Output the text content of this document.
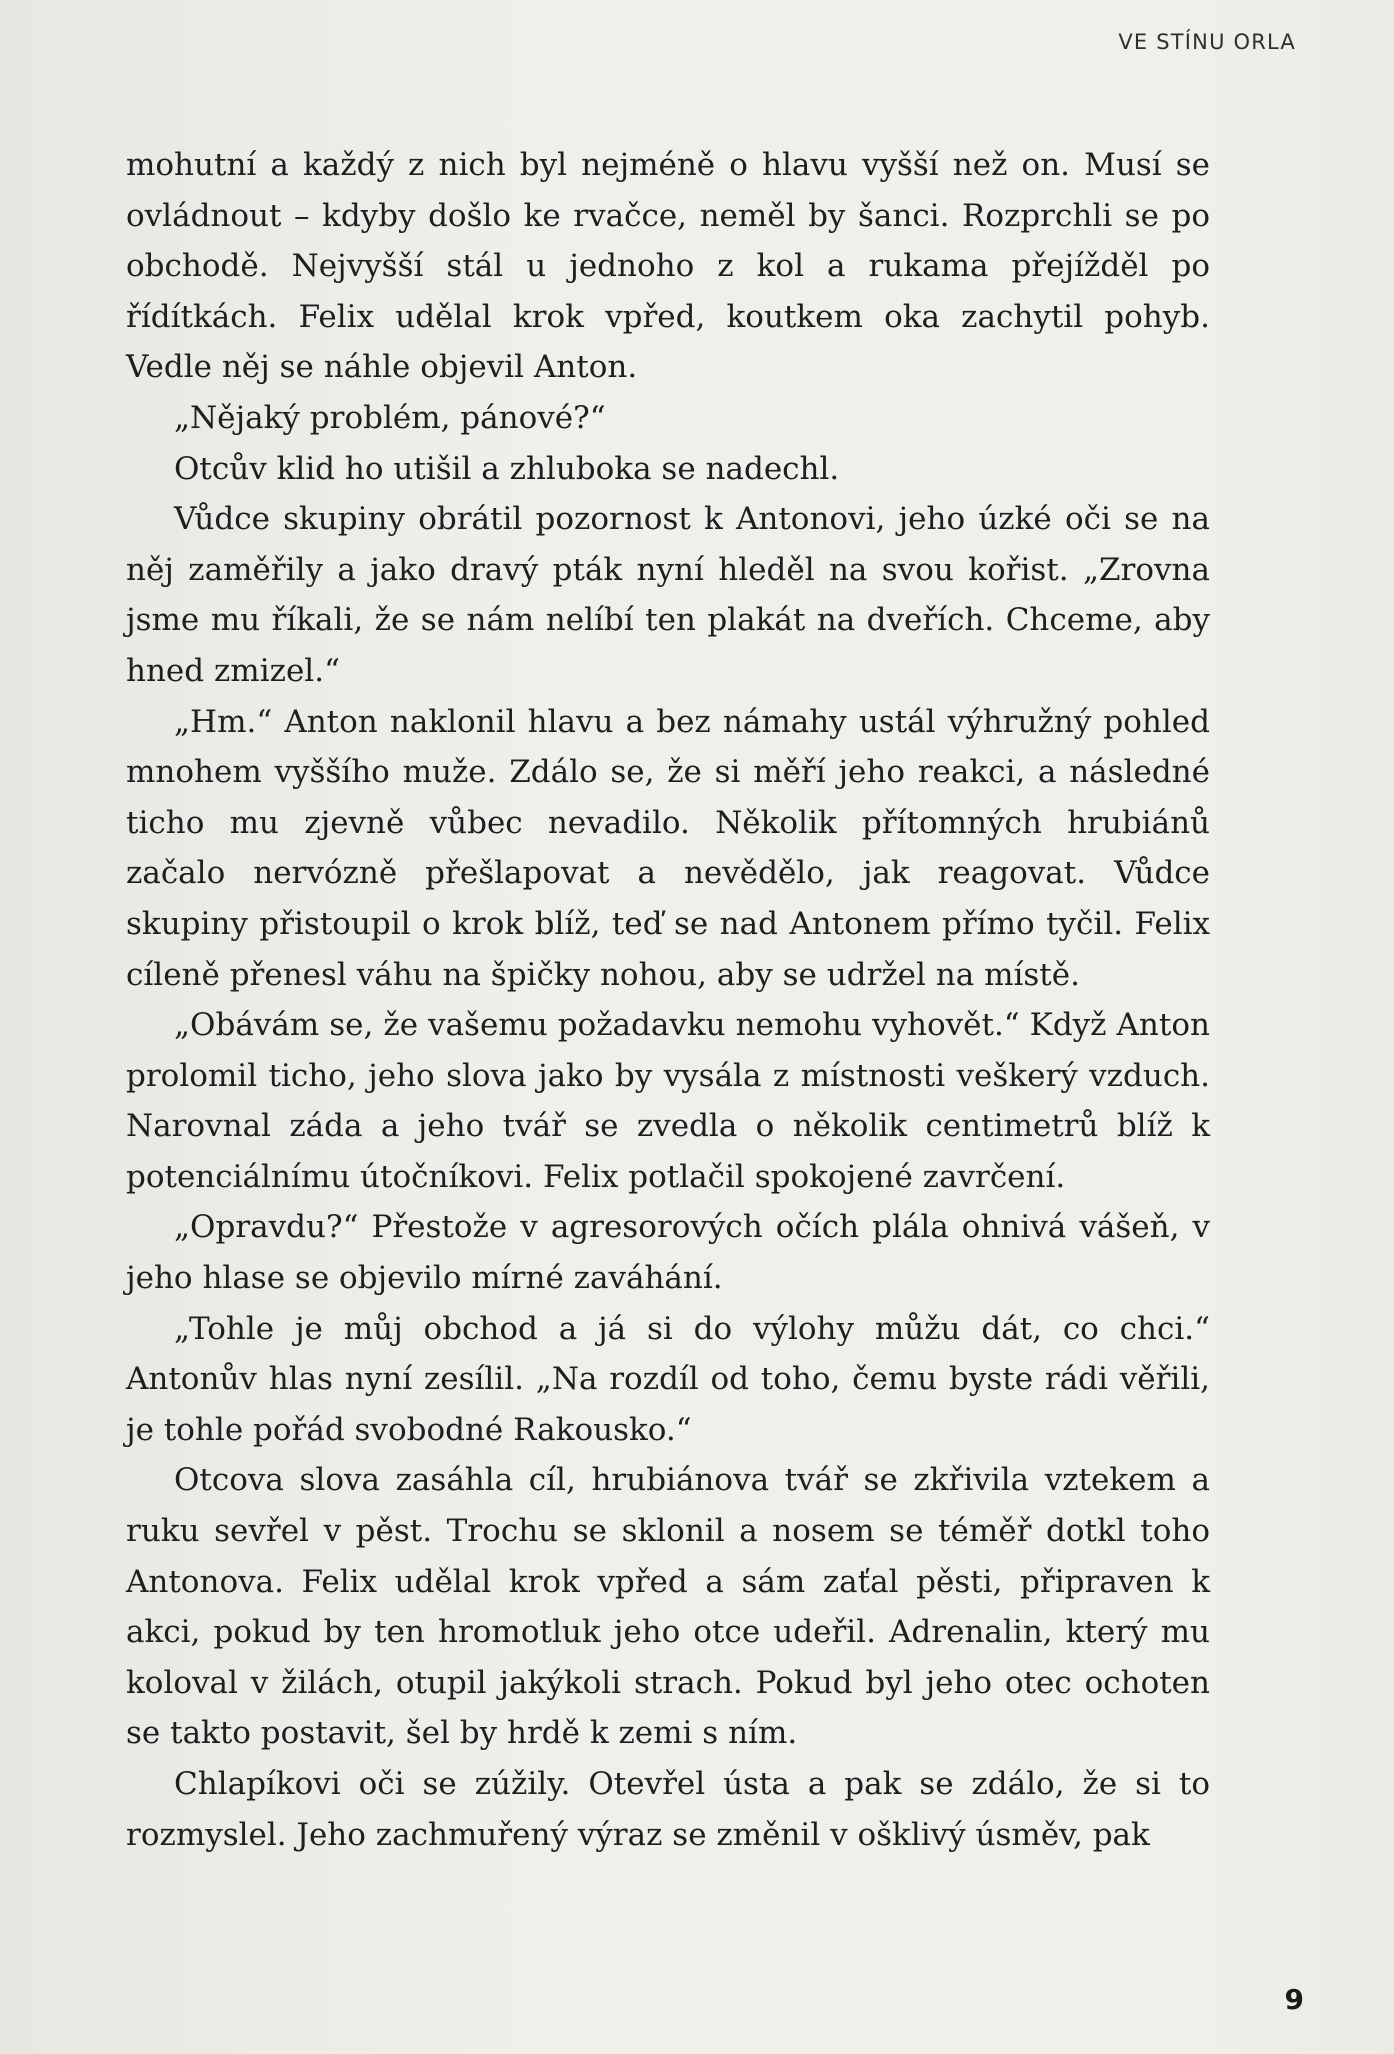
VE STÍNU ORLA

mohutní a každý z nich byl nejméně o hlavu vyšší než on. Musí se ovládnout – kdyby došlo ke rvačce, neměl by šanci. Rozprchli se po obchodě. Nejvyšší stál u jednoho z kol a rukama přejížděl po řídítkách. Felix udělal krok vpřed, koutkem oka zachytil pohyb. Vedle něj se náhle objevil Anton.

„Nějaký problém, pánové?“

Otcův klid ho utišil a zhluboka se nadechl.

Vůdce skupiny obrátil pozornost k Antonovi, jeho úzké oči se na něj zaměřily a jako dravý pták nyní hleděl na svou kořist. „Zrovna jsme mu říkali, že se nám nelíbí ten plakát na dveřích. Chceme, aby hned zmizel.“

„Hm.“ Anton naklonil hlavu a bez námahy ustál výhružný pohled mnohem vyššího muže. Zdálo se, že si měří jeho reakci, a následné ticho mu zjevně vůbec nevadilo. Několik přítomných hrubiánů začalo nervózně přešlapovat a nevědělo, jak reagovat. Vůdce skupiny přistoupil o krok blíž, teď se nad Antonem přímo tyčil. Felix cíleně přenesl váhu na špičky nohou, aby se udržel na místě.

„Obávám se, že vašemu požadavku nemohu vyhovět.“ Když Anton prolomil ticho, jeho slova jako by vysála z místnosti veškerý vzduch. Narovnal záda a jeho tvář se zvedla o několik centimetrů blíž k potenciálnímu útočníkovi. Felix potlačil spokojené zavrčení.

„Opravdu?“ Přestože v agresorových očích plála ohnivá vášeň, v jeho hlase se objevilo mírné zaváhání.

„Tohle je můj obchod a já si do výlohy můžu dát, co chci.“ Antonův hlas nyní zesílil. „Na rozdíl od toho, čemu byste rádi věřili, je tohle pořád svobodné Rakousko.“

Otcova slova zasáhla cíl, hrubiánova tvář se zkřivila vztekem a ruku sevřel v pěst. Trochu se sklonil a nosem se téměř dotkl toho Antonova. Felix udělal krok vpřed a sám zaťal pěsti, připraven k akci, pokud by ten hromotluk jeho otce udeřil. Adrenalin, který mu koloval v žilách, otupil jakýkoli strach. Pokud byl jeho otec ochoten se takto postavit, šel by hrdě k zemi s ním.

Chlapíkovi oči se zúžily. Otevřel ústa a pak se zdálo, že si to rozmyslel. Jeho zachmuřený výraz se změnil v ošklivý úsměv, pak

9
